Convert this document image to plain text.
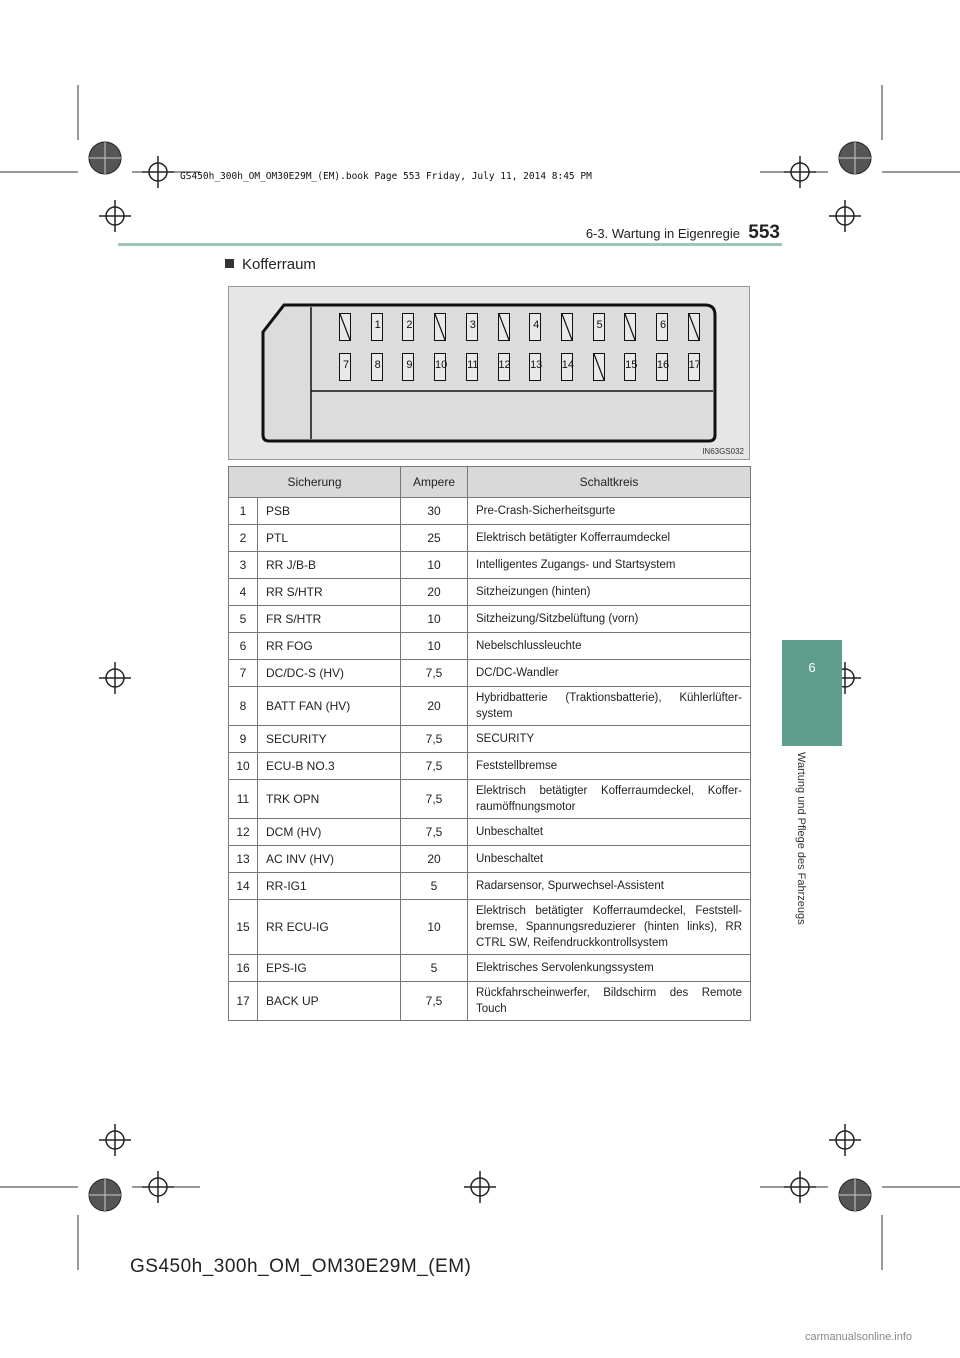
GS450h_300h_OM_OM30E29M_(EM).book Page 553 Friday, July 11, 2014 8:45 PM
6-3. Wartung in Eigenregie 553
Kofferraum
6
Wartung und Pflege des Fahrzeugs
1	2	3	4	5	6
7	8	9	10	11	12	13	14	15	16	17
IN63GS032
Sicherung		Ampere	Schaltkreis
1	PSB	30	Pre-Crash-Sicherheitsgurte
2	PTL	25	Elektrisch betätigter Kofferraumdeckel
3	RR J/B-B	10	Intelligentes Zugangs- und Startsystem
4	RR S/HTR	20	Sitzheizungen (hinten)
5	FR S/HTR	10	Sitzheizung/Sitzbelüftung (vorn)
6	RR FOG	10	Nebelschlussleuchte
7	DC/DC-S (HV)	7,5	DC/DC-Wandler
8	BATT FAN (HV)	20	Hybridbatterie (Traktionsbatterie), Kühlerlüfter-system
9	SECURITY	7,5	SECURITY
10	ECU-B NO.3	7,5	Feststellbremse
11	TRK OPN	7,5	Elektrisch betätigter Kofferraumdeckel, Koffer-raumöffnungsmotor
12	DCM (HV)	7,5	Unbeschaltet
13	AC INV (HV)	20	Unbeschaltet
14	RR-IG1	5	Radarsensor, Spurwechsel-Assistent
15	RR ECU-IG	10	Elektrisch betätigter Kofferraumdeckel, Feststell-bremse, Spannungsreduzierer (hinten links), RR CTRL SW, Reifendruckkontrollsystem
16	EPS-IG	5	Elektrisches Servolenkungssystem
17	BACK UP	7,5	Rückfahrscheinwerfer, Bildschirm des Remote Touch
GS450h_300h_OM_OM30E29M_(EM)
carmanualsonline.info
